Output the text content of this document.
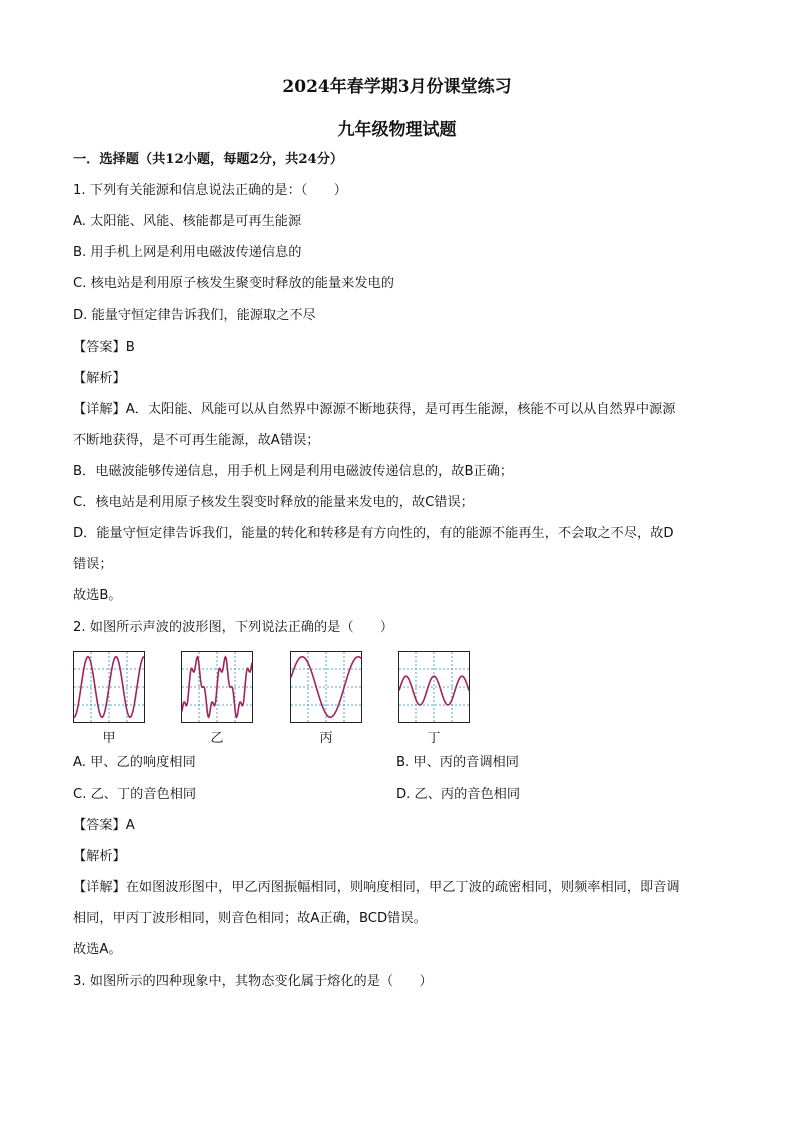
2024年春学期3月份课堂练习
九年级物理试题
一．选择题（共12小题，每题2分，共24分）
1. 下列有关能源和信息说法正确的是：（　　）
A. 太阳能、风能、核能都是可再生能源
B. 用手机上网是利用电磁波传递信息的
C. 核电站是利用原子核发生聚变时释放的能量来发电的
D. 能量守恒定律告诉我们，能源取之不尽
【答案】B
【解析】
【详解】A．太阳能、风能可以从自然界中源源不断地获得，是可再生能源，核能不可以从自然界中源源
不断地获得，是不可再生能源，故A错误；
B．电磁波能够传递信息，用手机上网是利用电磁波传递信息的，故B正确；
C．核电站是利用原子核发生裂变时释放的能量来发电的，故C错误；
D．能量守恒定律告诉我们，能量的转化和转移是有方向性的，有的能源不能再生，不会取之不尽，故D
错误；
故选B。
2. 如图所示声波的波形图，下列说法正确的是（　　）
甲	乙	丙	丁
A. 甲、乙的响度相同	B. 甲、丙的音调相同
C. 乙、丁的音色相同	D. 乙、丙的音色相同
【答案】A
【解析】
【详解】在如图波形图中，甲乙丙图振幅相同，则响度相同，甲乙丁波的疏密相同，则频率相同，即音调
相同，甲丙丁波形相同，则音色相同；故A正确，BCD错误。
故选A。
3. 如图所示的四种现象中，其物态变化属于熔化的是（　　）
